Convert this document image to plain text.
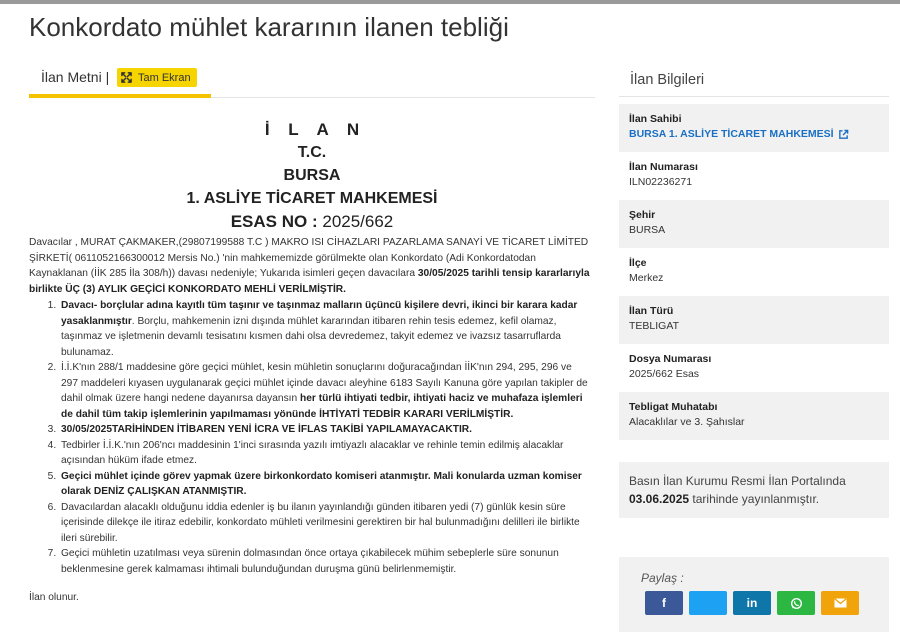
Konkordato mühlet kararının ilanen tebliği
İlan Metni |	Tam Ekran
İ L A N
T.C.
BURSA
1. ASLİYE TİCARET MAHKEMESİ
ESAS NO : 2025/662

Davacılar , MURAT ÇAKMAKER,(29807199588 T.C ) MAKRO ISI CİHAZLARI PAZARLAMA SANAYİ VE TİCARET LİMİTED ŞİRKETİ( 0611052166300012 Mersis No.) 'nin mahkememizde görülmekte olan Konkordato (Adi Konkordatodan Kaynaklanan (İİK 285 İla 308/h)) davası nedeniyle; Yukarıda isimleri geçen davacılara 30/05/2025 tarihli tensip kararlarıyla birlikte ÜÇ (3) AYLIK GEÇİCİ KONKORDATO MEHLİ VERİLMİŞTİR.

1. Davacı- borçlular adına kayıtlı tüm taşınır ve taşınmaz malların üçüncü kişilere devri, ikinci bir karara kadar yasaklanmıştır. Borçlu, mahkemenin izni dışında mühlet kararından itibaren rehin tesis edemez, kefil olamaz, taşınmaz ve işletmenin devamlı tesisatını kısmen dahi olsa devredemez, takyit edemez ve ivazsız tasarruflarda bulunamaz.
2. İ.İ.K'nın 288/1 maddesine göre geçici mühlet, kesin mühletin sonuçlarını doğuracağından İİK'nın 294, 295, 296 ve 297 maddeleri kıyasen uygulanarak geçici mühlet içinde davacı aleyhine 6183 Sayılı Kanuna göre yapılan takipler de dahil olmak üzere hangi nedene dayanırsa dayansın her türlü ihtiyati tedbir, ihtiyati haciz ve muhafaza işlemleri de dahil tüm takip işlemlerinin yapılmaması yönünde İHTİYATİ TEDBİR KARARI VERİLMİŞTİR.
3. 30/05/2025TARİHİNDEN İTİBAREN YENİ İCRA VE İFLAS TAKİBİ YAPILAMAYACAKTIR.
4. Tedbirler İ.İ.K.'nın 206'ncı maddesinin 1'inci sırasında yazılı imtiyazlı alacaklar ve rehinle temin edilmiş alacaklar açısından hüküm ifade etmez.
5. Geçici mühlet içinde görev yapmak üzere birkonkordato komiseri atanmıştır. Mali konularda uzman komiser olarak DENİZ ÇALIŞKAN ATANMIŞTIR.
6. Davacılardan alacaklı olduğunu iddia edenler iş bu ilanın yayınlandığı günden itibaren yedi (7) günlük kesin süre içerisinde dilekçe ile itiraz edebilir, konkordato mühleti verilmesini gerektiren bir hal bulunmadığını delilleri ile birlikte ileri sürebilir.
7. Geçici mühletin uzatılması veya sürenin dolmasından önce ortaya çıkabilecek mühim sebeplerle süre sonunun beklenmesine gerek kalmaması ihtimali bulunduğundan duruşma günü belirlenmemiştir.

İlan olunur.

İlan Bilgileri
İlan Sahibi
BURSA 1. ASLİYE TİCARET MAHKEMESİ
İlan Numarası
ILN02236271
Şehir
BURSA
İlçe
Merkez
İlan Türü
TEBLIGAT
Dosya Numarası
2025/662 Esas
Tebligat Muhatabı
Alacaklılar ve 3. Şahıslar
Basın İlan Kurumu Resmi İlan Portalında
03.06.2025 tarihinde yayınlanmıştır.
Paylaş :
f	in
